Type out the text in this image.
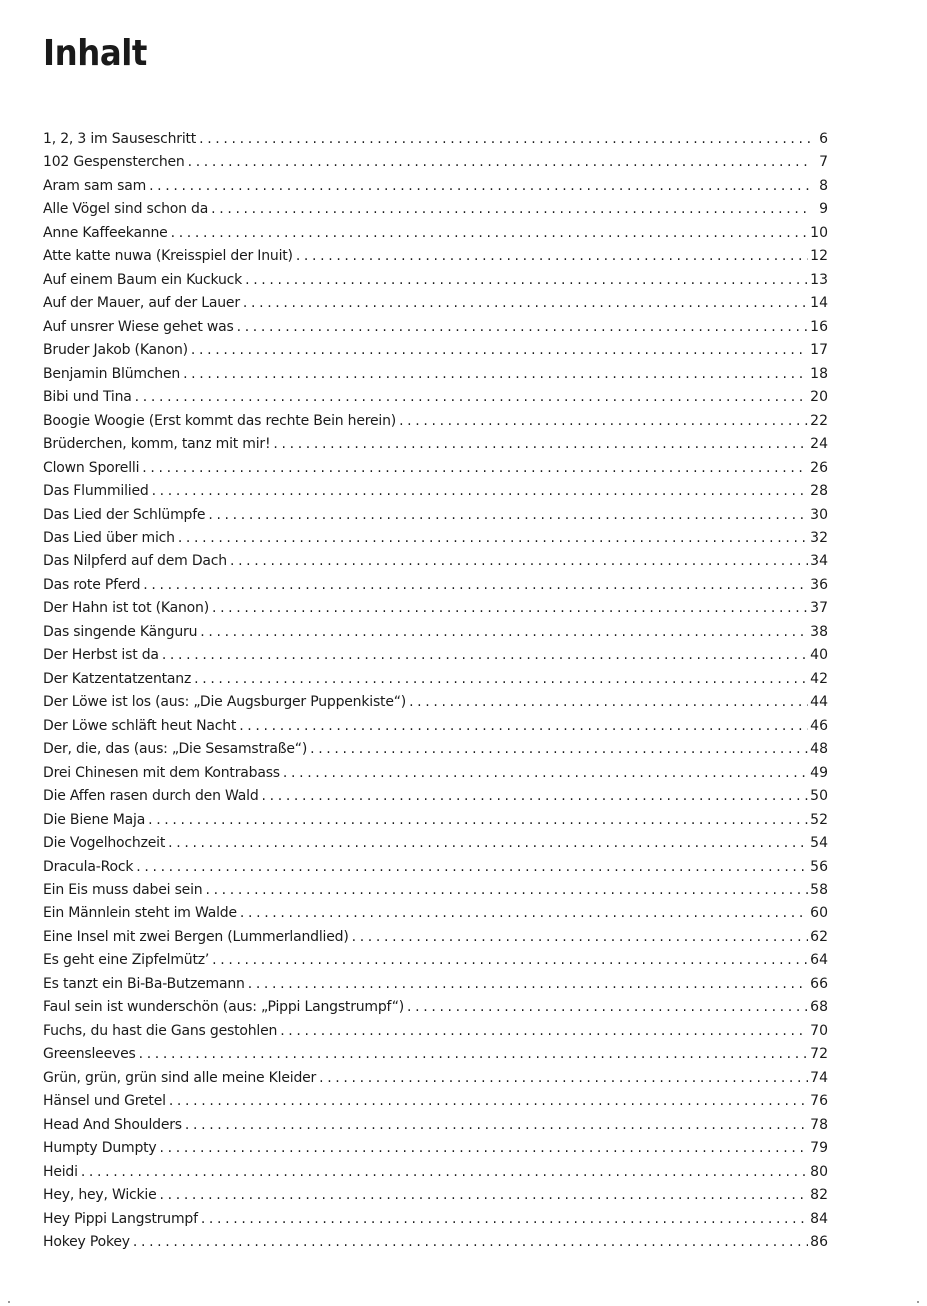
Inhalt
1, 2, 3 im Sauseschritt . . .	6
102 Gespensterchen . . .	7
Aram sam sam . . .	8
Alle Vögel sind schon da . . .	9
Anne Kaffeekanne . . .	10
Atte katte nuwa (Kreisspiel der Inuit) . . .	12
Auf einem Baum ein Kuckuck . . .	13
Auf der Mauer, auf der Lauer . . .	14
Auf unsrer Wiese gehet was . . .	16
Bruder Jakob (Kanon) . . .	17
Benjamin Blümchen . . .	18
Bibi und Tina . . .	20
Boogie Woogie (Erst kommt das rechte Bein herein) . . .	22
Brüderchen, komm, tanz mit mir! . . .	24
Clown Sporelli . . .	26
Das Flummilied . . .	28
Das Lied der Schlümpfe . . .	30
Das Lied über mich . . .	32
Das Nilpferd auf dem Dach . . .	34
Das rote Pferd . . .	36
Der Hahn ist tot (Kanon) . . .	37
Das singende Känguru . . .	38
Der Herbst ist da . . .	40
Der Katzentatzentanz . . .	42
Der Löwe ist los (aus: „Die Augsburger Puppenkiste“) . . .	44
Der Löwe schläft heut Nacht . . .	46
Der, die, das (aus: „Die Sesamstraße“) . . .	48
Drei Chinesen mit dem Kontrabass . . .	49
Die Affen rasen durch den Wald . . .	50
Die Biene Maja . . .	52
Die Vogelhochzeit . . .	54
Dracula-Rock . . .	56
Ein Eis muss dabei sein . . .	58
Ein Männlein steht im Walde . . .	60
Eine Insel mit zwei Bergen (Lummerlandlied) . . .	62
Es geht eine Zipfelmütz’ . . .	64
Es tanzt ein Bi-Ba-Butzemann . . .	66
Faul sein ist wunderschön (aus: „Pippi Langstrumpf“) . . .	68
Fuchs, du hast die Gans gestohlen . . .	70
Greensleeves . . .	72
Grün, grün, grün sind alle meine Kleider . . .	74
Hänsel und Gretel . . .	76
Head And Shoulders . . .	78
Humpty Dumpty . . .	79
Heidi . . .	80
Hey, hey, Wickie . . .	82
Hey Pippi Langstrumpf . . .	84
Hokey Pokey . . .	86
